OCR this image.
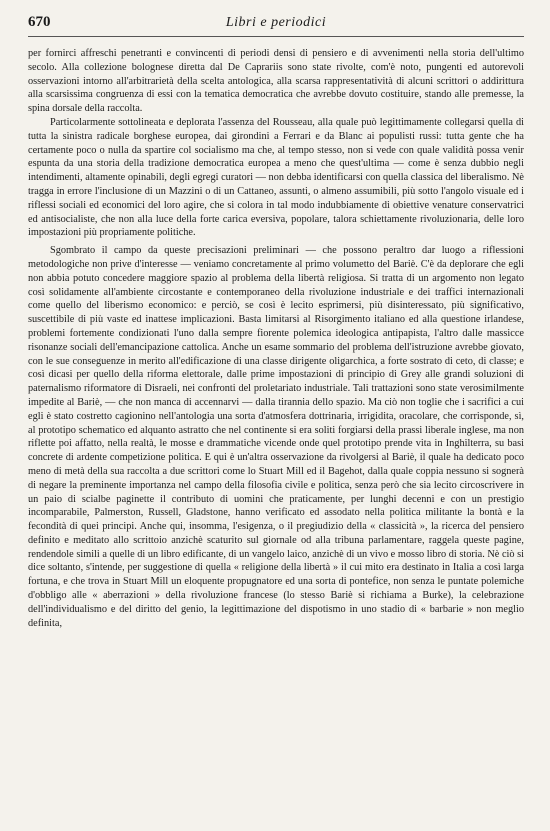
670	Libri e periodici

per fornirci affreschi penetranti e convincenti di periodi densi di pensiero e di avvenimenti nella storia dell'ultimo secolo. Alla collezione bolognese diretta dal De Caprariis sono state rivolte, com'è noto, pungenti ed autorevoli osservazioni intorno all'arbitrarietà della scelta antologica, alla scarsa rappresentatività di alcuni scrittori o addirittura alla scarsissima congruenza di essi con la tematica democratica che avrebbe dovuto costituire, stando alle premesse, la spina dorsale della raccolta.

Particolarmente sottolineata e deplorata l'assenza del Rousseau, alla quale può legittimamente collegarsi quella di tutta la sinistra radicale borghese europea, dai girondini a Ferrari e da Blanc ai populisti russi: tutta gente che ha certamente poco o nulla da spartire col socialismo ma che, al tempo stesso, non si vede con quale validità possa venir espunta da una storia della tradizione democratica europea a meno che quest'ultima — come è senza dubbio negli intendimenti, altamente opinabili, degli egregi curatori — non debba identificarsi con quella classica del liberalismo. Nè tragga in errore l'inclusione di un Mazzini o di un Cattaneo, assunti, o almeno assumibili, più sotto l'angolo visuale ed i riflessi sociali ed economici del loro agire, che si colora in tal modo indubbiamente di obiettive venature conservatrici ed antisocialiste, che non alla luce della forte carica eversiva, popolare, talora schiettamente rivoluzionaria, delle loro impostazioni più propriamente politiche.

Sgombrato il campo da queste precisazioni preliminari — che possono peraltro dar luogo a riflessioni metodologiche non prive d'interesse — veniamo concretamente al primo volumetto del Bariè. C'è da deplorare che egli non abbia potuto concedere maggiore spazio al problema della libertà religiosa. Si tratta di un argomento non legato così solidamente all'ambiente circostante e contemporaneo della rivoluzione industriale e dei traffici internazionali come quello del liberismo economico: e perciò, se così è lecito esprimersi, più disinteressato, più significativo, suscettibile di più vaste ed inattese implicazioni. Basta limitarsi al Risorgimento italiano ed alla questione irlandese, problemi fortemente condizionati l'uno dalla sempre fiorente polemica ideologica antipapista, l'altro dalle massicce risonanze sociali dell'emancipazione cattolica. Anche un esame sommario del problema dell'istruzione avrebbe giovato, con le sue conseguenze in merito all'edificazione di una classe dirigente oligarchica, a forte sostrato di ceto, di classe; e così dicasi per quello della riforma elettorale, dalle prime impostazioni di principio di Grey alle grandi soluzioni di paternalismo riformatore di Disraeli, nei confronti del proletariato industriale. Tali trattazioni sono state verosimilmente impedite al Bariè, — che non manca di accennarvi — dalla tirannia dello spazio. Ma ciò non toglie che i sacrifici a cui egli è stato costretto cagionino nell'antologia una sorta d'atmosfera dottrinaria, irrigidita, oracolare, che corrisponde, sì, al prototipo schematico ed alquanto astratto che nel continente si era soliti forgiarsi della prassi liberale inglese, ma non riflette poi affatto, nella realtà, le mosse e drammatiche vicende onde quel prototipo prende vita in Inghilterra, su basi concrete di ardente competizione politica. E qui è un'altra osservazione da rivolgersi al Bariè, il quale ha dedicato poco meno di metà della sua raccolta a due scrittori come lo Stuart Mill ed il Bagehot, dalla quale coppia nessuno si sognerà di negare la preminente importanza nel campo della filosofia civile e politica, senza però che sia lecito circoscrivere in un paio di scialbe paginette il contributo di uomini che praticamente, per lunghi decenni e con un prestigio incomparabile, Palmerston, Russell, Gladstone, hanno verificato ed assodato nella politica militante la bontà e la fecondità di quei principi. Anche qui, insomma, l'esigenza, o il pregiudizio della « classicità », la ricerca del pensiero definito e meditato allo scrittoio anzichè scaturito sul giornale od alla tribuna parlamentare, raggela queste pagine, rendendole simili a quelle di un libro edificante, di un vangelo laico, anzichè di un vivo e mosso libro di storia. Nè ciò si dice soltanto, s'intende, per suggestione di quella « religione della libertà » il cui mito era destinato in Italia a così larga fortuna, e che trova in Stuart Mill un eloquente propugnatore ed una sorta di pontefice, non senza le puntate polemiche d'obbligo alle « aberrazioni » della rivoluzione francese (lo stesso Bariè si richiama a Burke), la celebrazione dell'individualismo e del diritto del genio, la legittimazione del dispotismo in uno stadio di « barbarie » non meglio definita,
